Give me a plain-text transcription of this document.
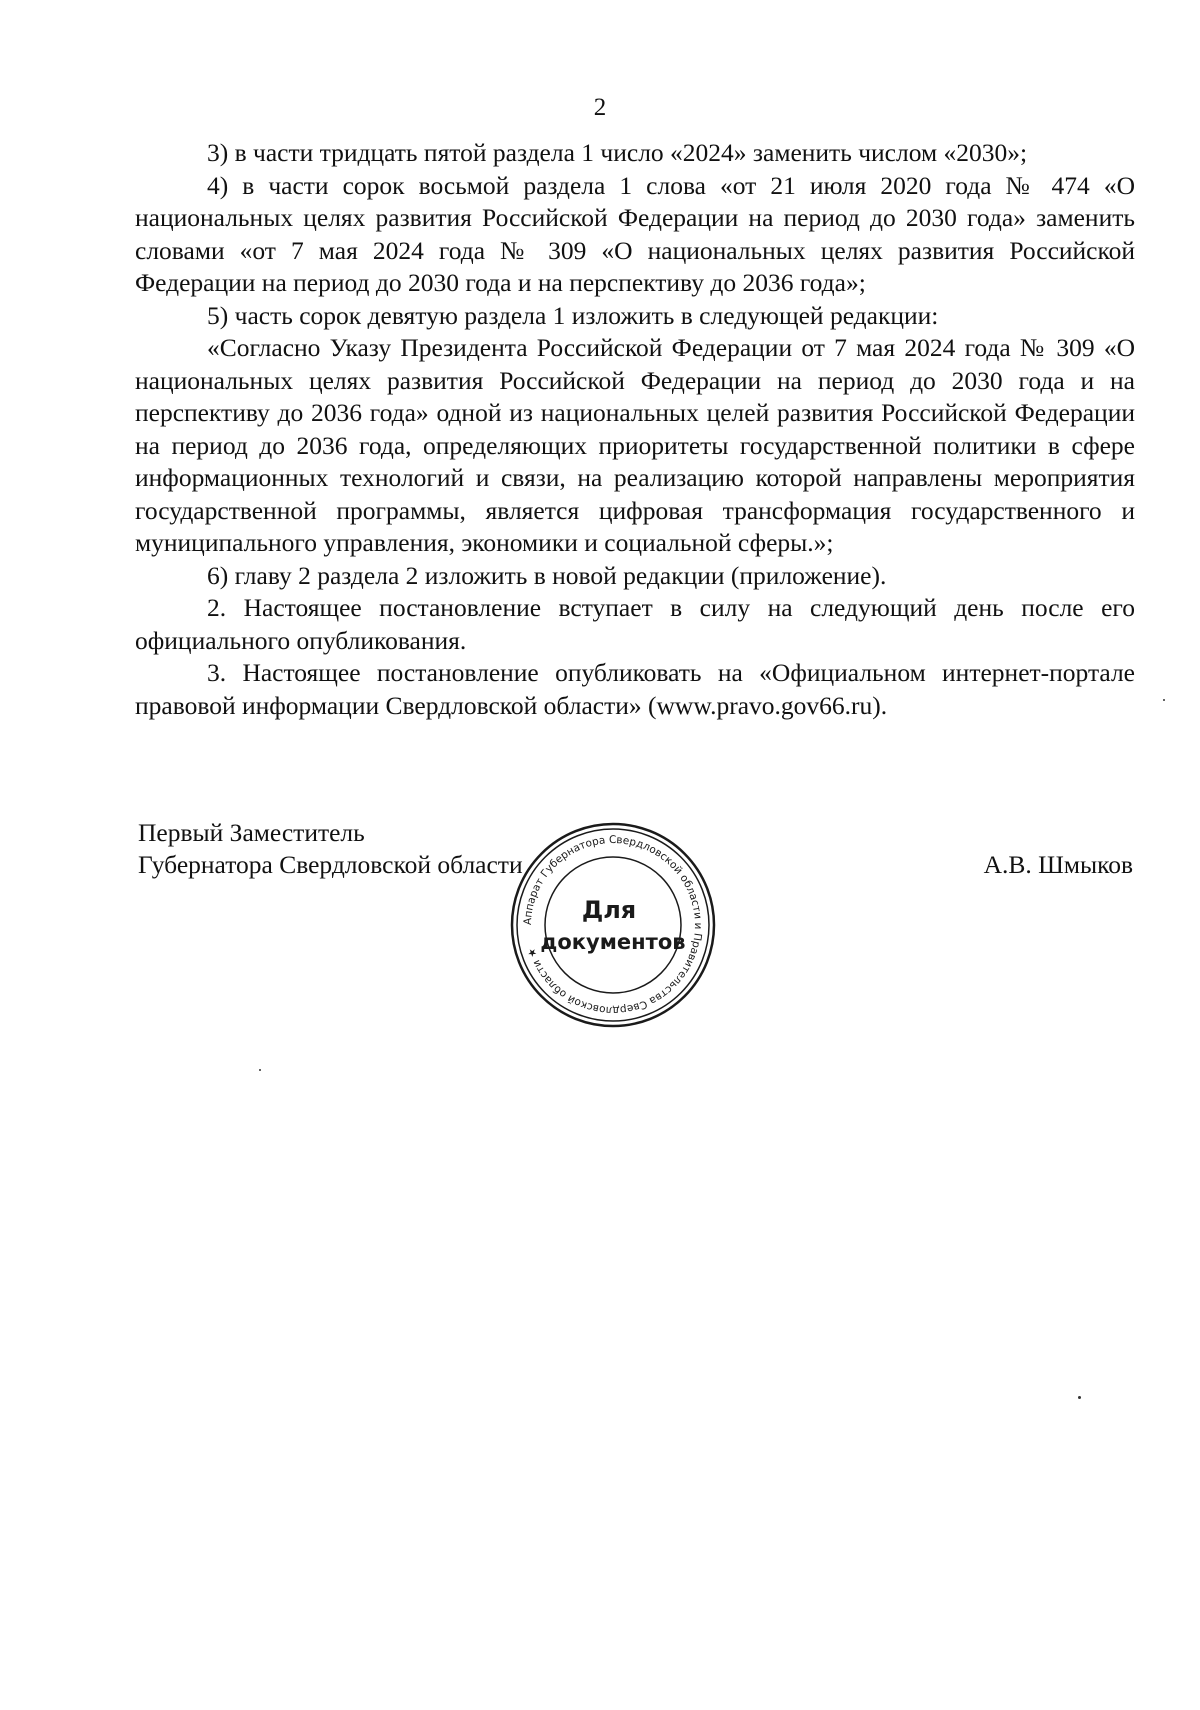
2

3) в части тридцать пятой раздела 1 число «2024» заменить числом «2030»;

4) в части сорок восьмой раздела 1 слова «от 21 июля 2020 года № 474 «О национальных целях развития Российской Федерации на период до 2030 года» заменить словами «от 7 мая 2024 года № 309 «О национальных целях развития Российской Федерации на период до 2030 года и на перспективу до 2036 года»;

5) часть сорок девятую раздела 1 изложить в следующей редакции:

«Согласно Указу Президента Российской Федерации от 7 мая 2024 года № 309 «О национальных целях развития Российской Федерации на период до 2030 года и на перспективу до 2036 года» одной из национальных целей развития Российской Федерации на период до 2036 года, определяющих приоритеты государственной политики в сфере информационных технологий и связи, на реализацию которой направлены мероприятия государственной программы, является цифровая трансформация государственного и муниципального управления, экономики и социальной сферы.»;

6) главу 2 раздела 2 изложить в новой редакции (приложение).

2. Настоящее постановление вступает в силу на следующий день после его официального опубликования.

3. Настоящее постановление опубликовать на «Официальном интернет-портале правовой информации Свердловской области» (www.pravo.gov66.ru).

Первый Заместитель
Губернатора Свердловской области	А.В. Шмыков
Аппарат Губернатора Свердловской области и Правительства Свердловской области ★
Для
документов
